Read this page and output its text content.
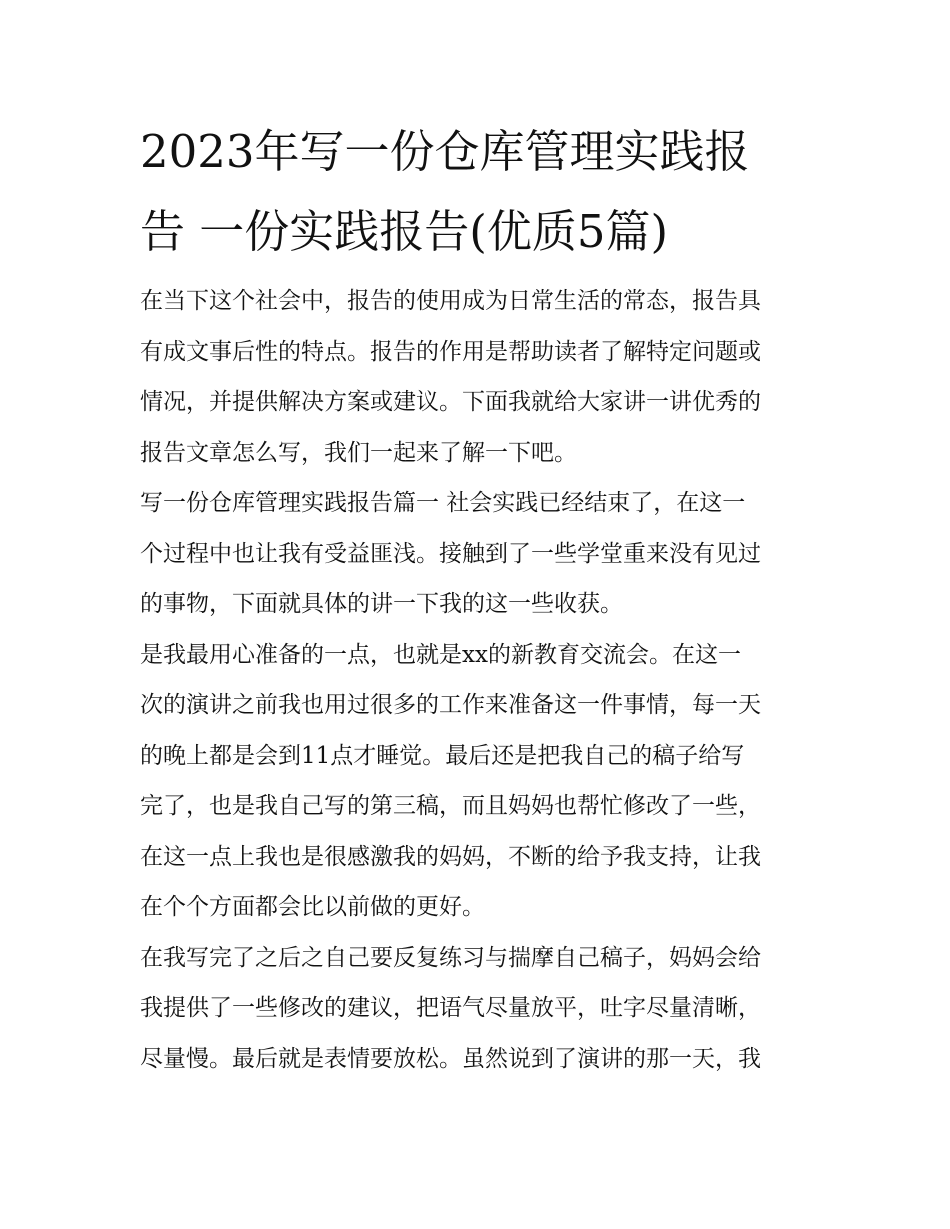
2023年写一份仓库管理实践报
告 一份实践报告(优质5篇)
在当下这个社会中，报告的使用成为日常生活的常态，报告具
有成文事后性的特点。报告的作用是帮助读者了解特定问题或
情况，并提供解决方案或建议。下面我就给大家讲一讲优秀的
报告文章怎么写，我们一起来了解一下吧。
写一份仓库管理实践报告篇一 社会实践已经结束了，在这一
个过程中也让我有受益匪浅。接触到了一些学堂重来没有见过
的事物，下面就具体的讲一下我的这一些收获。
是我最用心准备的一点，也就是xx的新教育交流会。在这一
次的演讲之前我也用过很多的工作来准备这一件事情，每一天
的晚上都是会到11点才睡觉。最后还是把我自己的稿子给写
完了，也是我自己写的第三稿，而且妈妈也帮忙修改了一些，
在这一点上我也是很感激我的妈妈，不断的给予我支持，让我
在个个方面都会比以前做的更好。
在我写完了之后之自己要反复练习与揣摩自己稿子，妈妈会给
我提供了一些修改的建议，把语气尽量放平，吐字尽量清晰，
尽量慢。最后就是表情要放松。虽然说到了演讲的那一天，我
